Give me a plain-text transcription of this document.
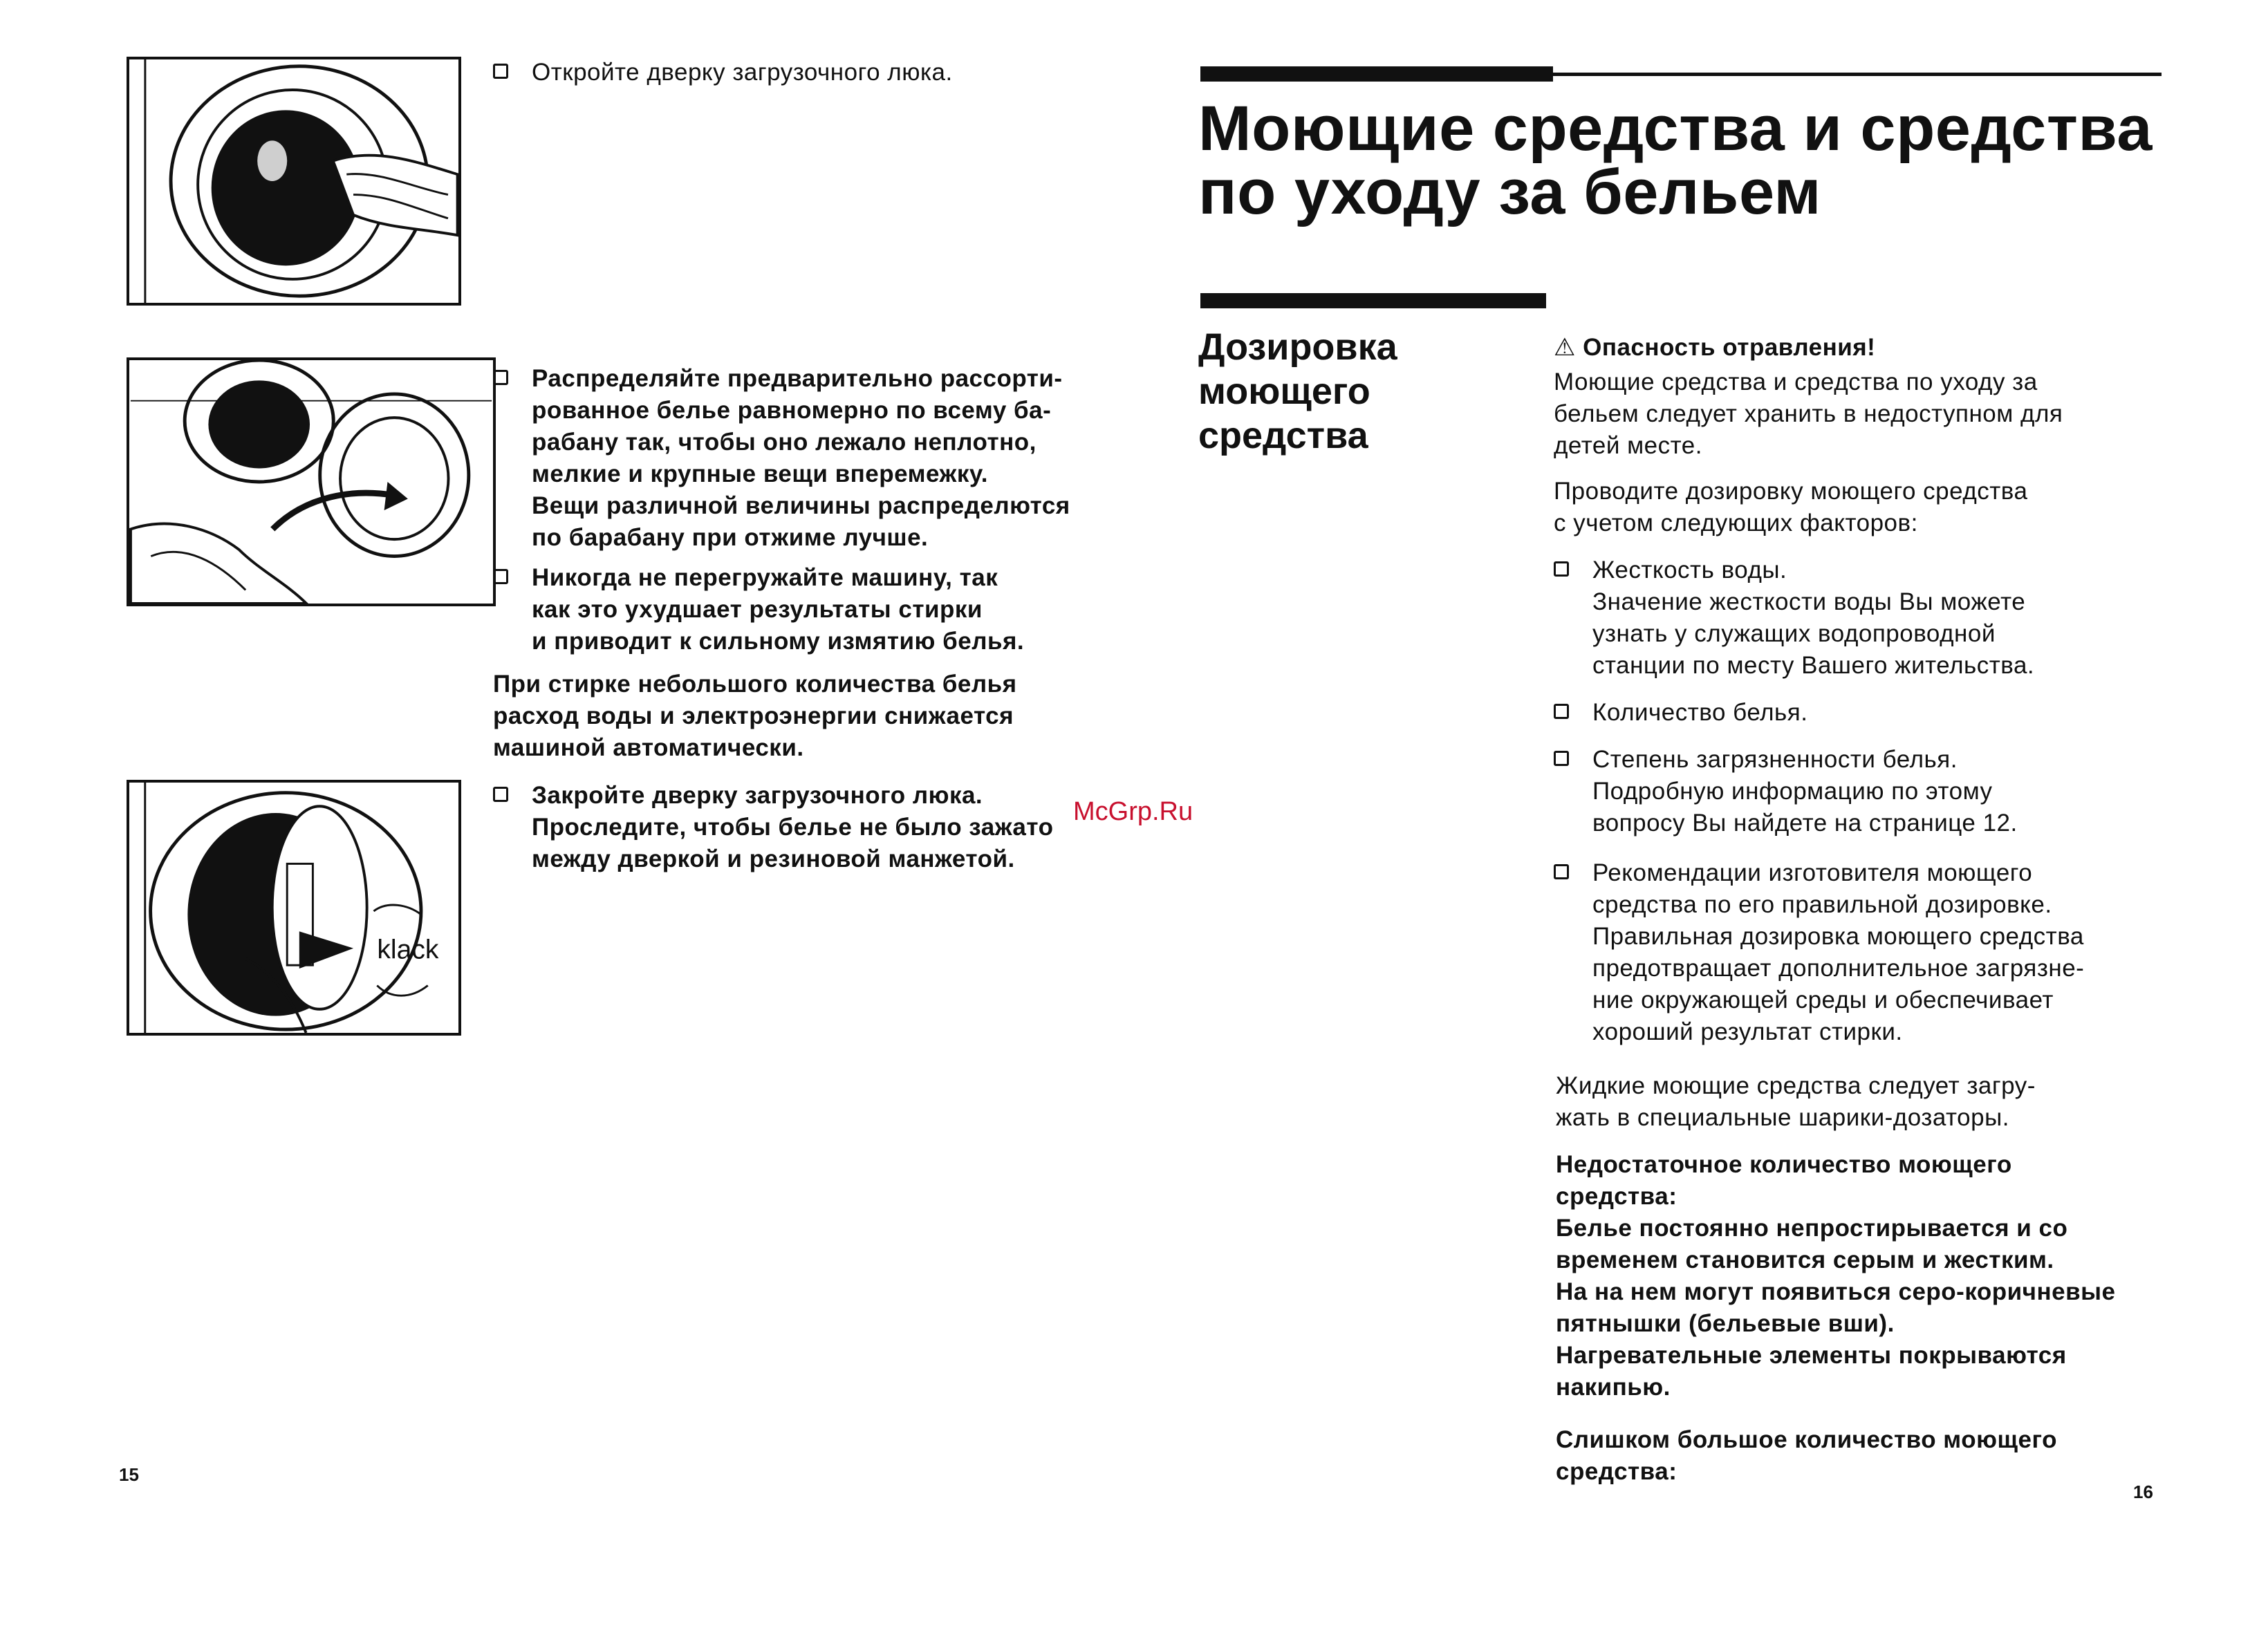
Откройте дверку загрузочного люка.
Распределяйте предварительно рассорти-
рованное белье равномерно по всему ба-
рабану так, чтобы оно лежало неплотно,
мелкие и крупные вещи вперемежку.
Вещи различной величины распределются
по барабану при отжиме лучше.
Никогда не перегружайте машину, так
как это ухудшает результаты стирки
и приводит к сильному измятию белья.
При стирке небольшого количества белья
расход воды и электроэнергии снижается
машиной автоматически.
klack
Закройте дверку загрузочного люка.
Проследите, чтобы белье не было зажато
между дверкой и резиновой манжетой.
15
McGrp.Ru
Моющие средства и средства
по уходу за бельем
Дозировка
моющего
средства
⚠ Опасность отравления!
Моющие средства и средства по уходу за
бельем следует хранить в недоступном для
детей месте.
Проводите дозировку моющего средства
с учетом следующих факторов:
Жесткость воды.
Значение жесткости воды Вы можете
узнать у служащих водопроводной
станции по месту Вашего жительства.
Количество белья.
Степень загрязненности белья.
Подробную информацию по этому
вопросу Вы найдете на странице 12.
Рекомендации изготовителя моющего
средства по его правильной дозировке.
Правильная дозировка моющего средства
предотвращает дополнительное загрязне-
ние окружающей среды и обеспечивает
хороший результат стирки.
Жидкие моющие средства следует загру-
жать в специальные шарики-дозаторы.
Недостаточное количество моющего
средства:
Белье постоянно непростирывается и со
временем становится серым и жестким.
На на нем могут появиться серо-коричневые
пятнышки (бельевые вши).
Нагревательные элементы покрываются
накипью.
Слишком большое количество моющего
средства:
16
